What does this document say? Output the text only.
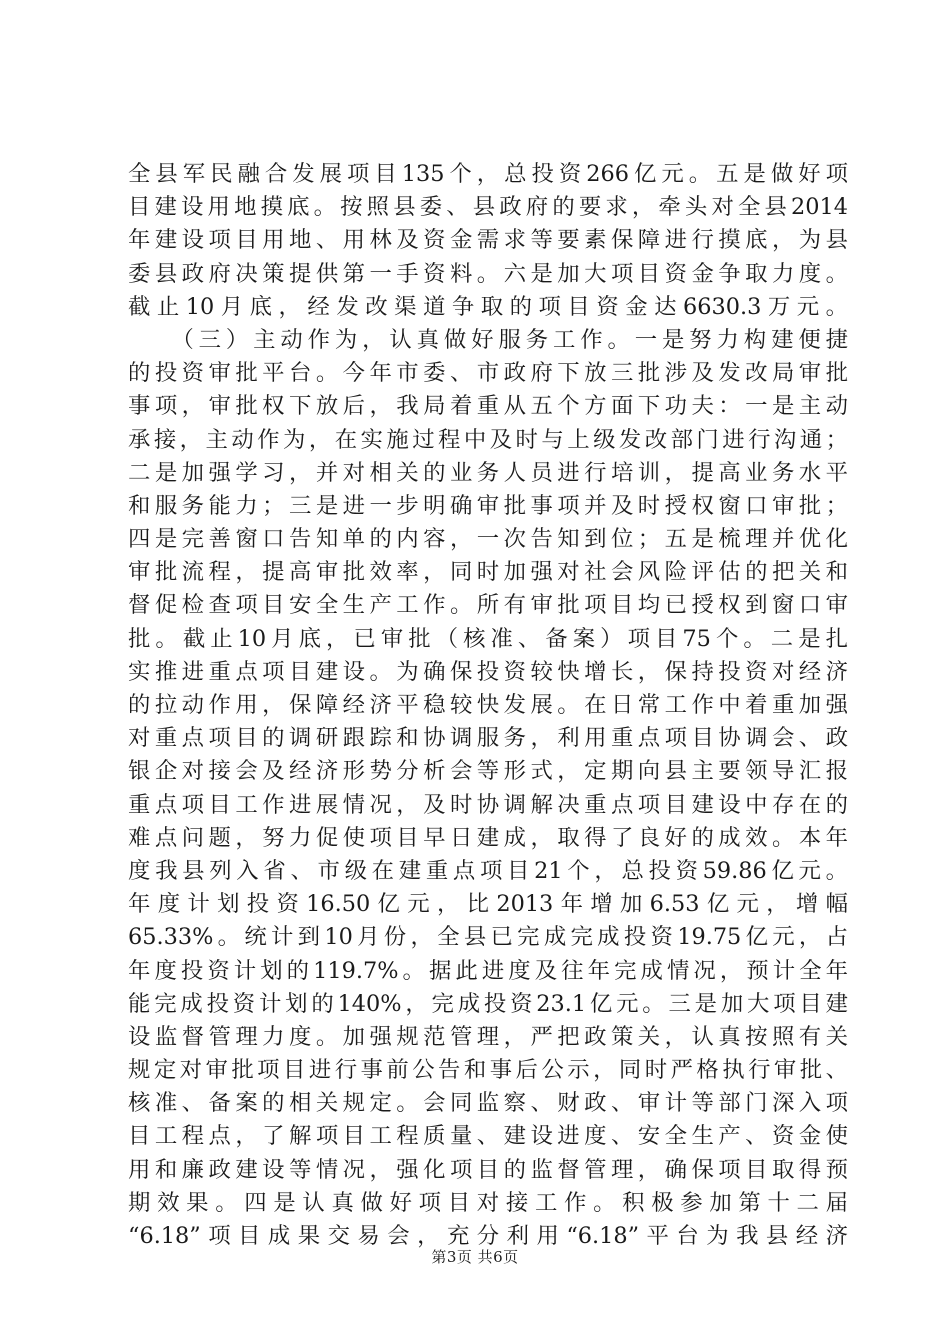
全县军民融合发展项目135个，总投资266亿元。五是做好项
目建设用地摸底。按照县委、县政府的要求，牵头对全县2014
年建设项目用地、用林及资金需求等要素保障进行摸底，为县
委县政府决策提供第一手资料。六是加大项目资金争取力度。
截止10月底，经发改渠道争取的项目资金达6630.3万元。
　　（三）主动作为，认真做好服务工作。一是努力构建便捷
的投资审批平台。今年市委、市政府下放三批涉及发改局审批
事项，审批权下放后，我局着重从五个方面下功夫：一是主动
承接，主动作为，在实施过程中及时与上级发改部门进行沟通；
二是加强学习，并对相关的业务人员进行培训，提高业务水平
和服务能力；三是进一步明确审批事项并及时授权窗口审批；
四是完善窗口告知单的内容，一次告知到位；五是梳理并优化
审批流程，提高审批效率，同时加强对社会风险评估的把关和
督促检查项目安全生产工作。所有审批项目均已授权到窗口审
批。截止10月底，已审批（核准、备案）项目75个。二是扎
实推进重点项目建设。为确保投资较快增长，保持投资对经济
的拉动作用，保障经济平稳较快发展。在日常工作中着重加强
对重点项目的调研跟踪和协调服务，利用重点项目协调会、政
银企对接会及经济形势分析会等形式，定期向县主要领导汇报
重点项目工作进展情况，及时协调解决重点项目建设中存在的
难点问题，努力促使项目早日建成，取得了良好的成效。本年
度我县列入省、市级在建重点项目21个，总投资59.86亿元。
年度计划投资16.50亿元，比2013年增加6.53亿元，增幅
65.33%。统计到10月份，全县已完成完成投资19.75亿元，占
年度投资计划的119.7%。据此进度及往年完成情况，预计全年
能完成投资计划的140%，完成投资23.1亿元。三是加大项目建
设监督管理力度。加强规范管理，严把政策关，认真按照有关
规定对审批项目进行事前公告和事后公示，同时严格执行审批、
核准、备案的相关规定。会同监察、财政、审计等部门深入项
目工程点，了解项目工程质量、建设进度、安全生产、资金使
用和廉政建设等情况，强化项目的监督管理，确保项目取得预
期效果。四是认真做好项目对接工作。积极参加第十二届
“6.18”项目成果交易会，充分利用“6.18”平台为我县经济
第3页 共6页
